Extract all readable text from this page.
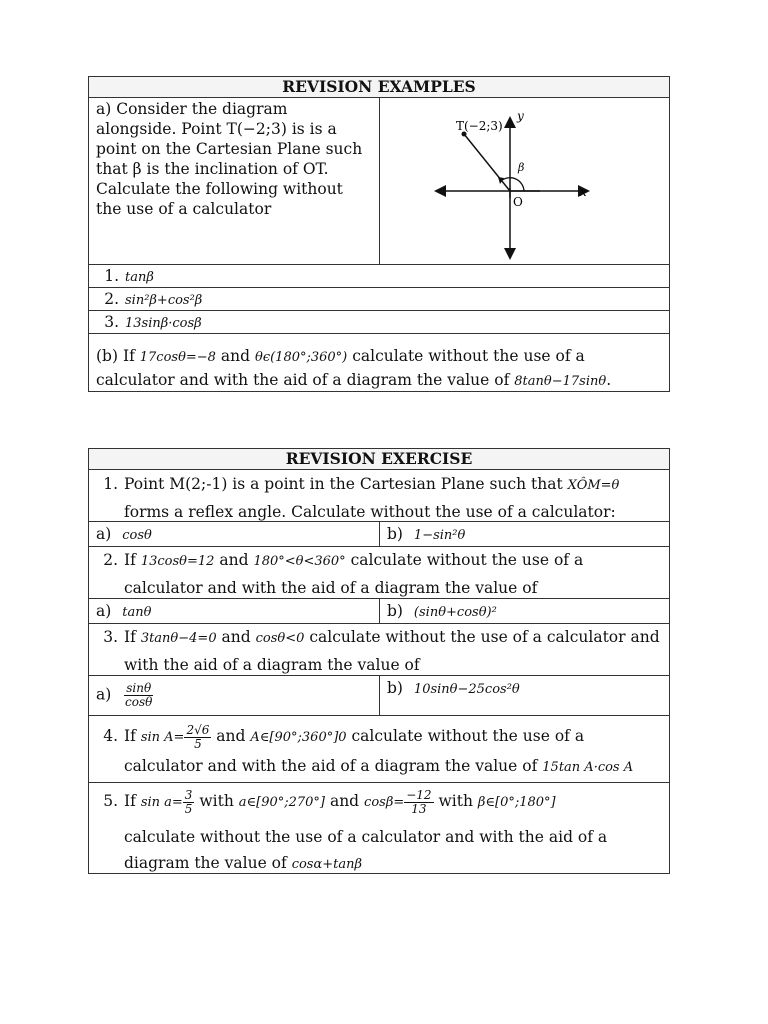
REVISION EXAMPLES
a) Consider the diagram alongside. Point T(−2;3) is is a point on the Cartesian Plane such that β is the inclination of OT. Calculate the following without the use of a calculator
T(−2;3)
y
x
O
β
1. tanβ
2. sin²β+cos²β
3. 13sinβ·cosβ
(b) If 17cosθ=−8 and θϵ(180°;360°) calculate without the use of a calculator and with the aid of a diagram the value of 8tanθ−17sinθ.
REVISION EXERCISE
1. Point M(2;-1) is a point in the Cartesian Plane such that XÔM=θ forms a reflex angle. Calculate without the use of a calculator:
a) cosθ	b) 1−sin²θ
2. If 13cosθ=12 and 180°<θ<360° calculate without the use of a calculator and with the aid of a diagram the value of
a) tanθ	b) (sinθ+cosθ)²
3. If 3tanθ−4=0 and cosθ<0 calculate without the use of a calculator and with the aid of a diagram the value of
$a) \frac{\sin\theta}{\cos\theta}$	b) 10sinθ−25cos²θ
4. If $\sin A= \frac{2√6}{5}$ and A∈[90°;360°]0 calculate without the use of a
calculator and with the aid of a diagram the value of 15tan A·cos A
5. If $\sin a= \frac{3}{5}$ with a∈[90°;270°] and $\cos\beta= \frac{-12}{13}$ with β∈[0°;180°]
calculate without the use of a calculator and with the aid of a diagram the value of cosα+tanβ
